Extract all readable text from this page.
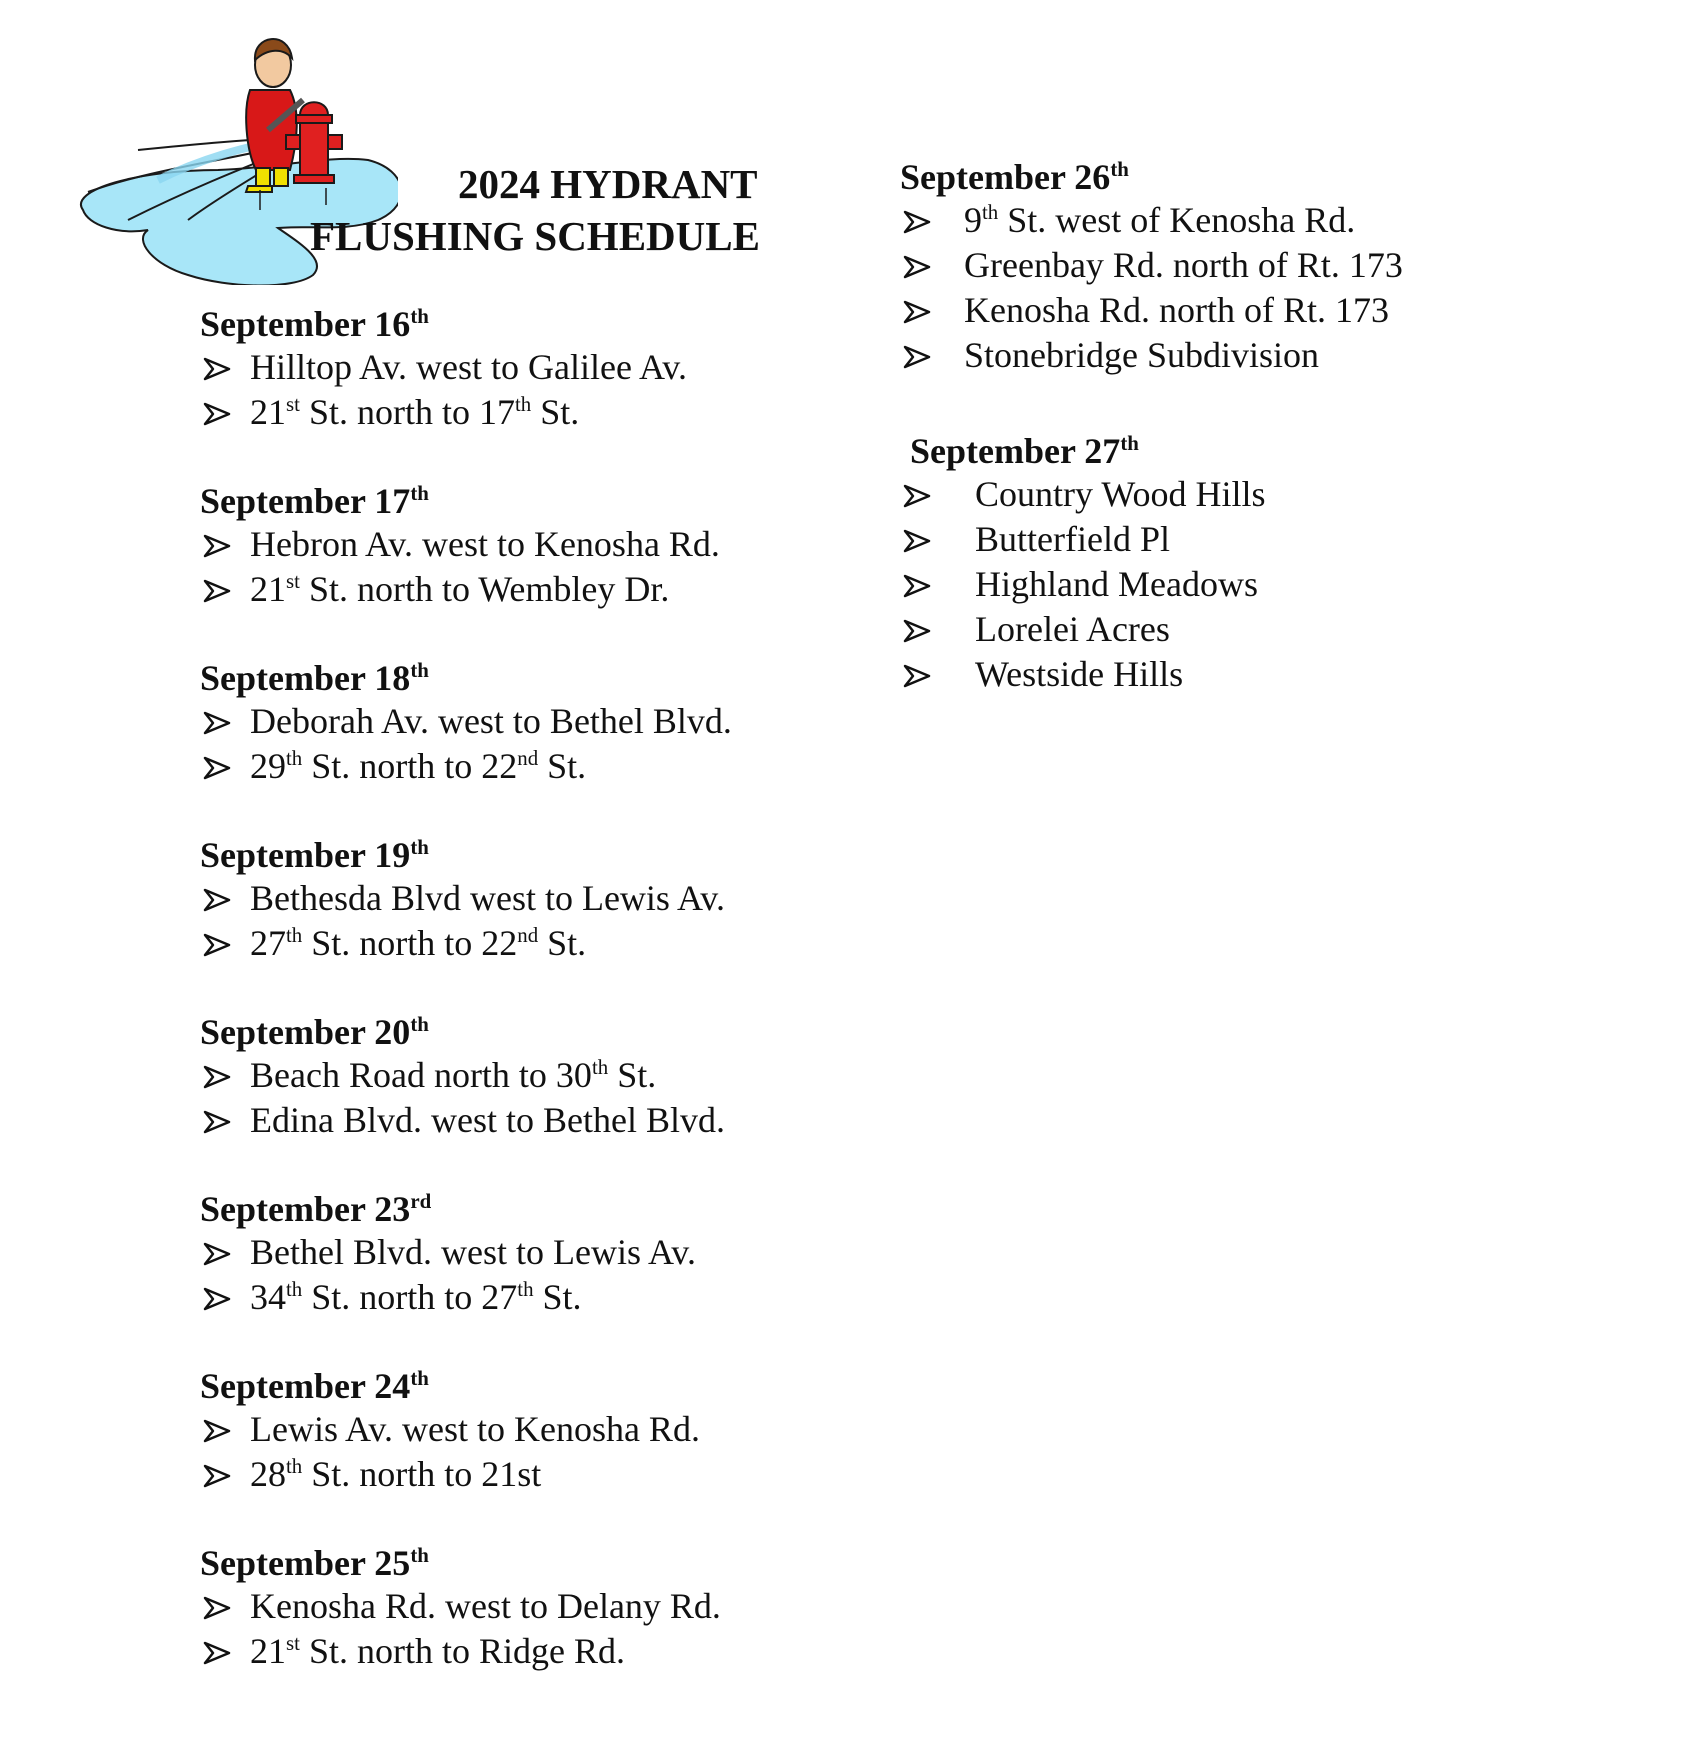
2024 HYDRANT
FLUSHING SCHEDULE
September 16th
Hilltop Av. west to Galilee Av.
21st St. north to 17th St.
September 17th
Hebron Av. west to Kenosha Rd.
21st St. north to Wembley Dr.
September 18th
Deborah Av. west to Bethel Blvd.
29th St. north to 22nd St.
September 19th
Bethesda Blvd west to Lewis Av.
27th St. north to 22nd St.
September 20th
Beach Road north to 30th St.
Edina Blvd. west to Bethel Blvd.
September 23rd
Bethel Blvd. west to Lewis Av.
34th St. north to 27th St.
September 24th
Lewis Av. west to Kenosha Rd.
28th St. north to 21st
September 25th
Kenosha Rd. west to Delany Rd.
21st St. north to Ridge Rd.
September 26th
9th St. west of Kenosha Rd.
Greenbay Rd. north of Rt. 173
Kenosha Rd. north of Rt. 173
Stonebridge Subdivision
September 27th
Country Wood Hills
Butterfield Pl
Highland Meadows
Lorelei Acres
Westside Hills
